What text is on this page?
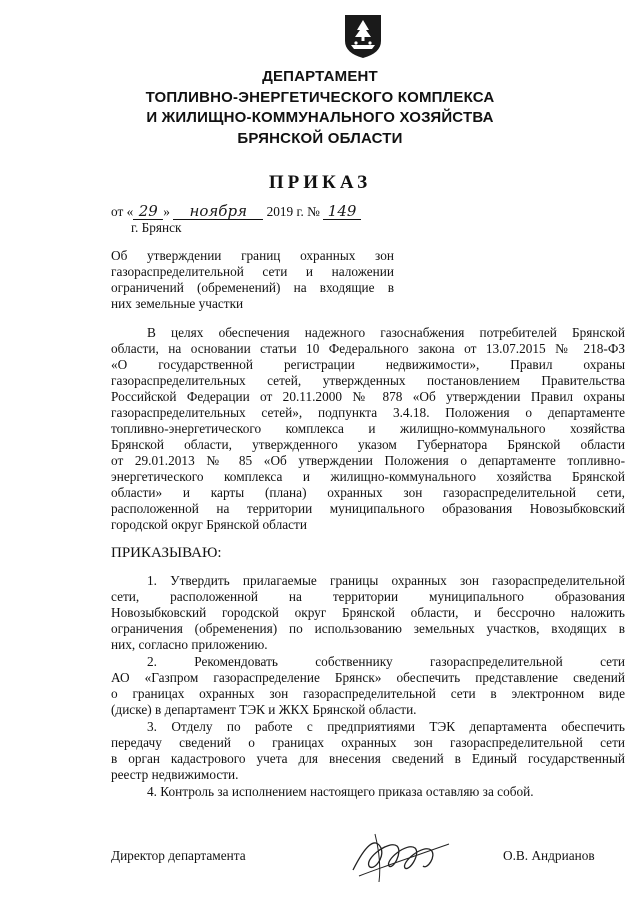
ДЕПАРТАМЕНТ
ТОПЛИВНО-ЭНЕРГЕТИЧЕСКОГО КОМПЛЕКСА
И ЖИЛИЩНО-КОММУНАЛЬНОГО ХОЗЯЙСТВА
БРЯНСКОЙ ОБЛАСТИ
ПРИКАЗ
от « 29 » ноября 2019 г. № 149
г. Брянск
Об утверждении границ охранных зон
газораспределительной сети и наложении
ограничений (обременений) на входящие в
них земельные участки
В целях обеспечения надежного газоснабжения потребителей Брянской
области, на основании статьи 10 Федерального закона от 13.07.2015 № 218-ФЗ
«О государственной регистрации недвижимости», Правил охраны
газораспределительных сетей, утвержденных постановлением Правительства
Российской Федерации от 20.11.2000 № 878 «Об утверждении Правил охраны
газораспределительных сетей», подпункта 3.4.18. Положения о департаменте
топливно-энергетического комплекса и жилищно-коммунального хозяйства
Брянской области, утвержденного указом Губернатора Брянской области
от 29.01.2013 № 85 «Об утверждении Положения о департаменте топливно-
энергетического комплекса и жилищно-коммунального хозяйства Брянской
области» и карты (плана) охранных зон газораспределительной сети,
расположенной на территории муниципального образования Новозыбковский
городской округ Брянской области
ПРИКАЗЫВАЮ:
1. Утвердить прилагаемые границы охранных зон газораспределительной
сети, расположенной на территории муниципального образования
Новозыбковский городской округ Брянской области, и бессрочно наложить
ограничения (обременения) по использованию земельных участков, входящих в
них, согласно приложению.
2. Рекомендовать собственнику газораспределительной сети
АО «Газпром газораспределение Брянск» обеспечить представление сведений
о границах охранных зон газораспределительной сети в электронном виде
(диске) в департамент ТЭК и ЖКХ Брянской области.
3. Отделу по работе с предприятиями ТЭК департамента обеспечить
передачу сведений о границах охранных зон газораспределительной сети
в орган кадастрового учета для внесения сведений в Единый государственный
реестр недвижимости.
4. Контроль за исполнением настоящего приказа оставляю за собой.
Директор департамента	О.В. Андрианов
